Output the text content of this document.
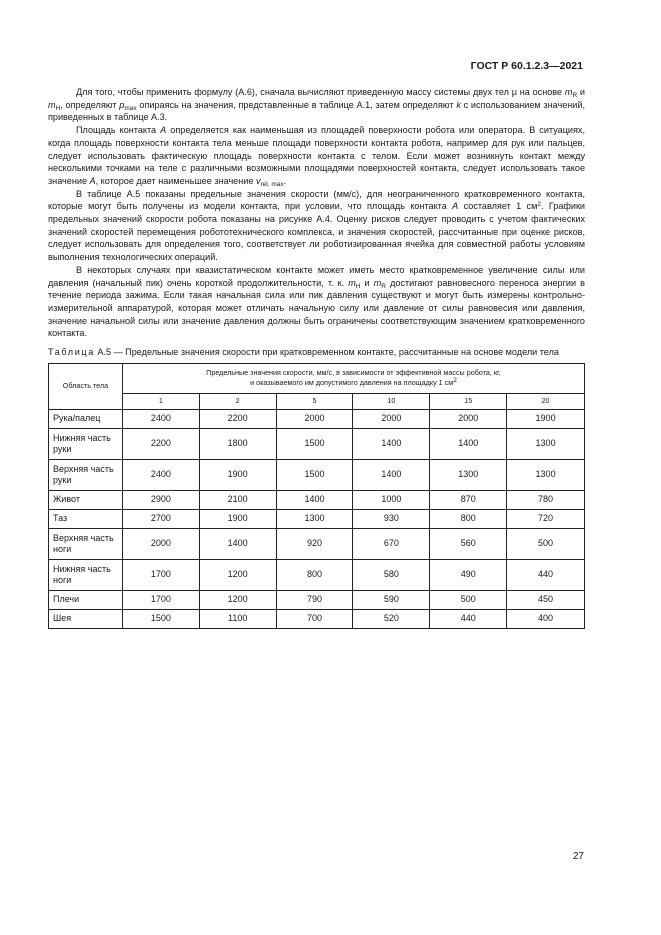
ГОСТ Р 60.1.2.3—2021

Для того, чтобы применить формулу (А.6), сначала вычисляют приведенную массу системы двух тел μ на основе $m_R$ и $m_H$, определяют $p_{max}$ опираясь на значения, представленные в таблице А.1, затем определяют k с использованием значений, приведенных в таблице А.3.

Площадь контакта A определяется как наименьшая из площадей поверхности робота или оператора. В ситуациях, когда площадь поверхности контакта тела меньше площади поверхности контакта робота, например для рук или пальцев, следует использовать фактическую площадь поверхности контакта с телом. Если может возникнуть контакт между несколькими точками на теле с различными возможными площадями поверхностей контакта, следует использовать такое значение A, которое дает наименьшее значение $v_{rel, max}$.

В таблице А.5 показаны предельные значения скорости (мм/с), для неограниченного кратковременного контакта, которые могут быть получены из модели контакта, при условии, что площадь контакта A составляет 1 $см^2$. Графики предельных значений скорости робота показаны на рисунке А.4. Оценку рисков следует проводить с учетом фактических значений скоростей перемещения робототехнического комплекса, и значения скоростей, рассчитанные при оценке рисков, следует использовать для определения того, соответствует ли роботизированная ячейка для совместной работы условиям выполнения технологических операций.

В некоторых случаях при квазистатическом контакте может иметь место кратковременное увеличение силы или давления (начальный пик) очень короткой продолжительности, т. к. $m_H$ и $m_R$ достигают равновесного переноса энергии в течение периода зажима. Если такая начальная сила или пик давления существуют и могут быть измерены контрольно-измерительной аппаратурой, которая может отличать начальную силу или давление от силы равновесия или давления, значение начальной силы или значение давления должны быть ограничены соответствующим значением кратковременного контакта.

Таблица А.5 — Предельные значения скорости при кратковременном контакте, рассчитанные на основе модели тела
Область тела	Предельные значения скорости, мм/с, в зависимости от эффективной массы робота, кг,
и оказываемого им допустимого давления на площадку 1 $см^2$
	1	2	5	10	15	20
Рука/палец	2400	2200	2000	2000	2000	1900
Нижняя часть руки	2200	1800	1500	1400	1400	1300
Верхняя часть руки	2400	1900	1500	1400	1300	1300
Живот	2900	2100	1400	1000	870	780
Таз	2700	1900	1300	930	800	720
Верхняя часть ноги	2000	1400	920	670	560	500
Нижняя часть ноги	1700	1200	800	580	490	440
Плечи	1700	1200	790	590	500	450
Шея	1500	1100	700	520	440	400
27
